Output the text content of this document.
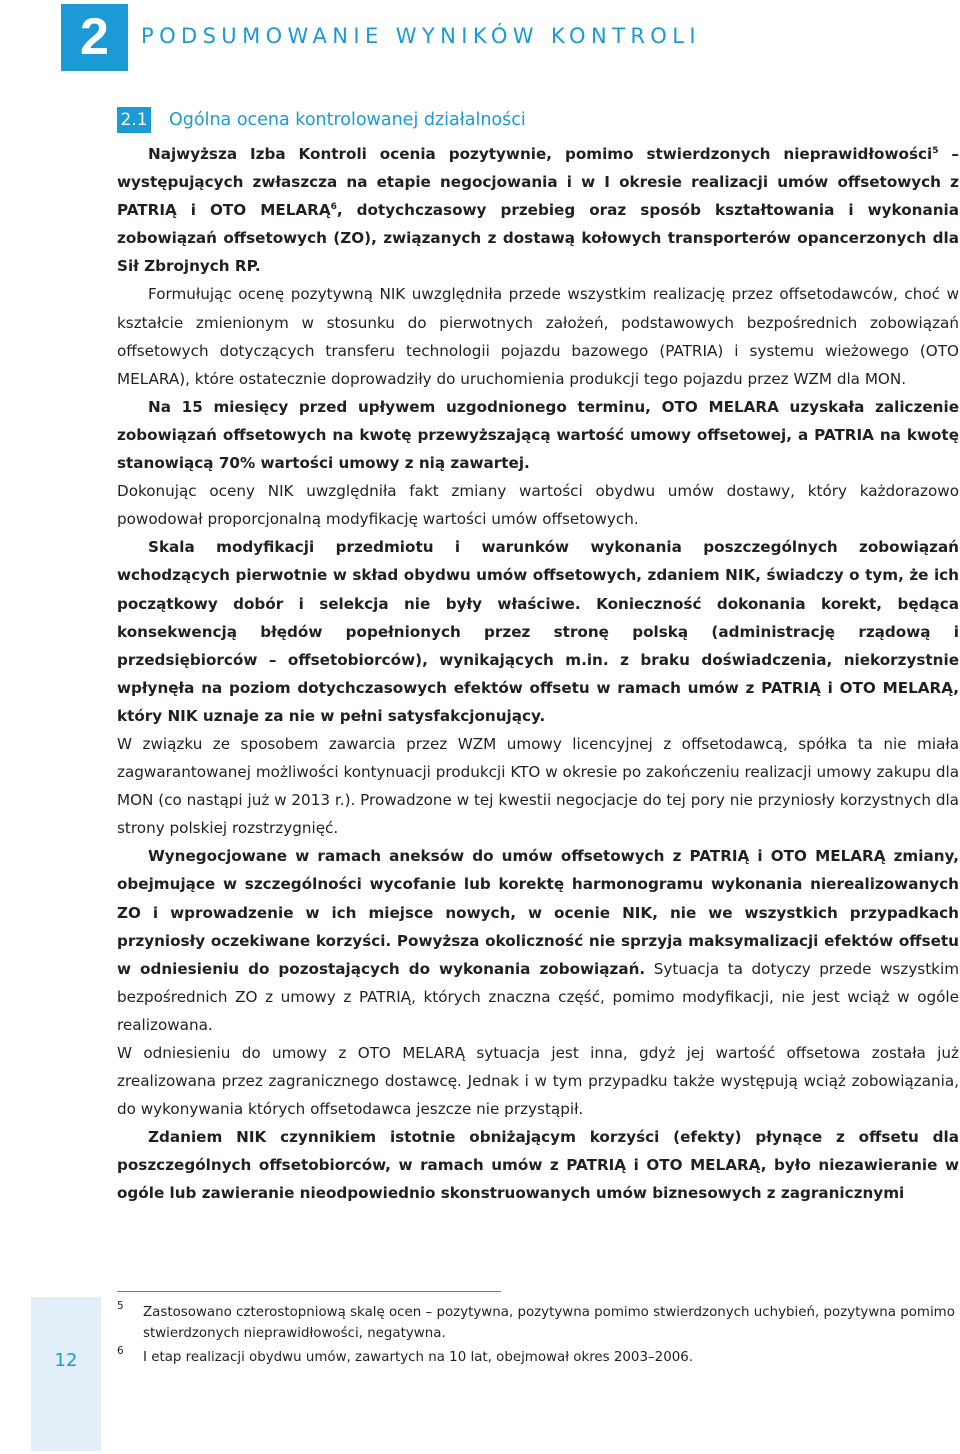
2	PODSUMOWANIE WYNIKÓW KONTROLI
2.1 Ogólna ocena kontrolowanej działalności

Najwyższa Izba Kontroli ocenia pozytywnie, pomimo stwierdzonych nieprawidłowości$^5$ – występujących zwłaszcza na etapie negocjowania i w I okresie realizacji umów offsetowych z PATRIĄ i OTO MELARĄ$^6$, dotychczasowy przebieg oraz sposób kształtowania i wykonania zobowiązań offsetowych (ZO), związanych z dostawą kołowych transporterów opancerzonych dla Sił Zbrojnych RP.

Formułując ocenę pozytywną NIK uwzględniła przede wszystkim realizację przez offsetodawców, choć w kształcie zmienionym w stosunku do pierwotnych założeń, podstawowych bezpośrednich zobowiązań offsetowych dotyczących transferu technologii pojazdu bazowego (PATRIA) i systemu wieżowego (OTO MELARA), które ostatecznie doprowadziły do uruchomienia produkcji tego pojazdu przez WZM dla MON.

Na 15 miesięcy przed upływem uzgodnionego terminu, OTO MELARA uzyskała zaliczenie zobowiązań offsetowych na kwotę przewyższającą wartość umowy offsetowej, a PATRIA na kwotę stanowiącą 70% wartości umowy z nią zawartej.

Dokonując oceny NIK uwzględniła fakt zmiany wartości obydwu umów dostawy, który każdorazowo powodował proporcjonalną modyfikację wartości umów offsetowych.

Skala modyfikacji przedmiotu i warunków wykonania poszczególnych zobowiązań wchodzących pierwotnie w skład obydwu umów offsetowych, zdaniem NIK, świadczy o tym, że ich początkowy dobór i selekcja nie były właściwe. Konieczność dokonania korekt, będąca konsekwencją błędów popełnionych przez stronę polską (administrację rządową i przedsiębiorców – offsetobiorców), wynikających m.in. z braku doświadczenia, niekorzystnie wpłynęła na poziom dotychczasowych efektów offsetu w ramach umów z PATRIĄ i OTO MELARĄ, który NIK uznaje za nie w pełni satysfakcjonujący.

W związku ze sposobem zawarcia przez WZM umowy licencyjnej z offsetodawcą, spółka ta nie miała zagwarantowanej możliwości kontynuacji produkcji KTO w okresie po zakończeniu realizacji umowy zakupu dla MON (co nastąpi już w 2013 r.). Prowadzone w tej kwestii negocjacje do tej pory nie przyniosły korzystnych dla strony polskiej rozstrzygnięć.

Wynegocjowane w ramach aneksów do umów offsetowych z PATRIĄ i OTO MELARĄ zmiany, obejmujące w szczególności wycofanie lub korektę harmonogramu wykonania nierealizowanych ZO i wprowadzenie w ich miejsce nowych, w ocenie NIK, nie we wszystkich przypadkach przyniosły oczekiwane korzyści. Powyższa okoliczność nie sprzyja maksymalizacji efektów offsetu w odniesieniu do pozostających do wykonania zobowiązań. Sytuacja ta dotyczy przede wszystkim bezpośrednich ZO z umowy z PATRIĄ, których znaczna część, pomimo modyfikacji, nie jest wciąż w ogóle realizowana.

W odniesieniu do umowy z OTO MELARĄ sytuacja jest inna, gdyż jej wartość offsetowa została już zrealizowana przez zagranicznego dostawcę. Jednak i w tym przypadku także występują wciąż zobowiązania, do wykonywania których offsetodawca jeszcze nie przystąpił.

Zdaniem NIK czynnikiem istotnie obniżającym korzyści (efekty) płynące z offsetu dla poszczególnych offsetobiorców, w ramach umów z PATRIĄ i OTO MELARĄ, było niezawieranie w ogóle lub zawieranie nieodpowiednio skonstruowanych umów biznesowych z zagranicznymi

12
5 Zastosowano czterostopniową skalę ocen – pozytywna, pozytywna pomimo stwierdzonych uchybień, pozytywna pomimo stwierdzonych nieprawidłowości, negatywna.
6 I etap realizacji obydwu umów, zawartych na 10 lat, obejmował okres 2003–2006.
